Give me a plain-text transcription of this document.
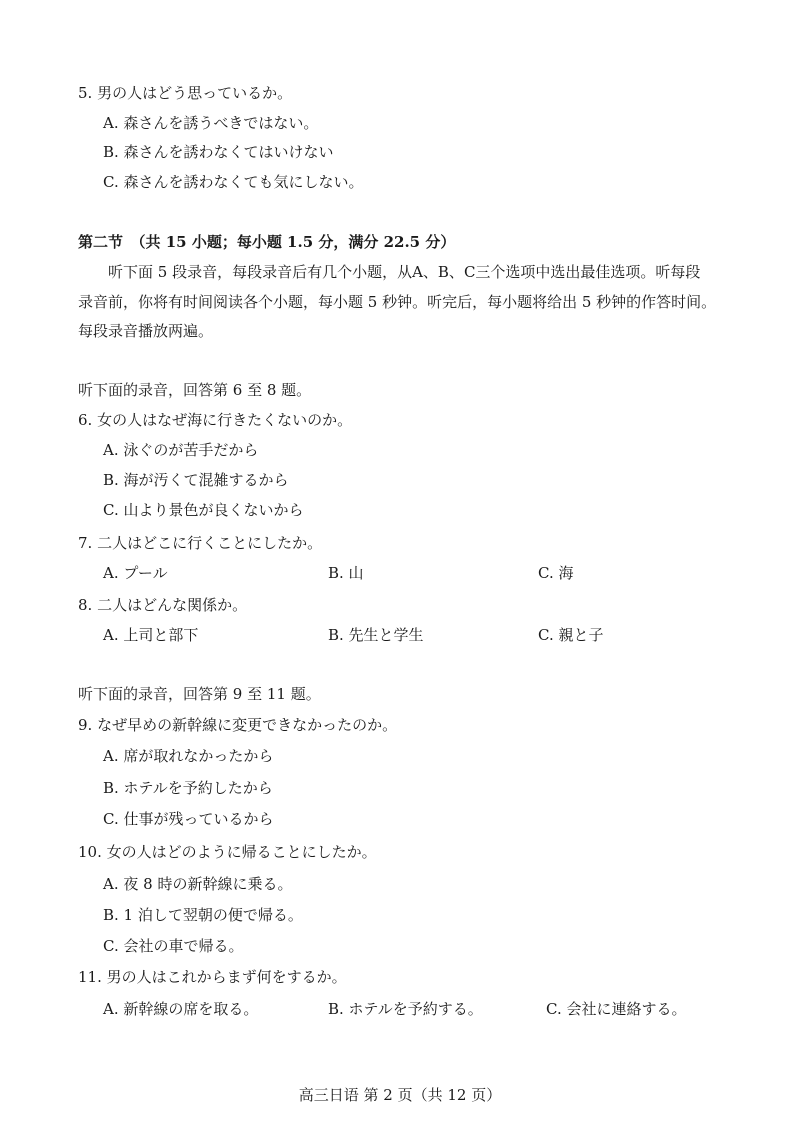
5. 男の人はどう思っているか。
A. 森さんを誘うべきではない。
B. 森さんを誘わなくてはいけない
C. 森さんを誘わなくても気にしない。
第二节　（共 15 小题；每小题 1.5 分，满分 22.5 分）
　　听下面 5 段录音，每段录音后有几个小题，从A、B、C三个选项中选出最佳选项。听每段
录音前，你将有时间阅读各个小题，每小题 5 秒钟。听完后，每小题将给出 5 秒钟的作答时间。
每段录音播放两遍。
听下面的录音，回答第 6 至 8 题。
6. 女の人はなぜ海に行きたくないのか。
A. 泳ぐのが苦手だから
B. 海が汚くて混雑するから
C. 山より景色が良くないから
7. 二人はどこに行くことにしたか。
A. プール	B. 山	C. 海
8. 二人はどんな関係か。
A. 上司と部下	B. 先生と学生	C. 親と子
听下面的录音，回答第 9 至 11 题。
9. なぜ早めの新幹線に変更できなかったのか。
A. 席が取れなかったから
B. ホテルを予約したから
C. 仕事が残っているから
10. 女の人はどのように帰ることにしたか。
A. 夜 8 時の新幹線に乗る。
B. 1 泊して翌朝の便で帰る。
C. 会社の車で帰る。
11. 男の人はこれからまず何をするか。
A. 新幹線の席を取る。	B. ホテルを予約する。	C. 会社に連絡する。
高三日语 第 2 页（共 12 页）
